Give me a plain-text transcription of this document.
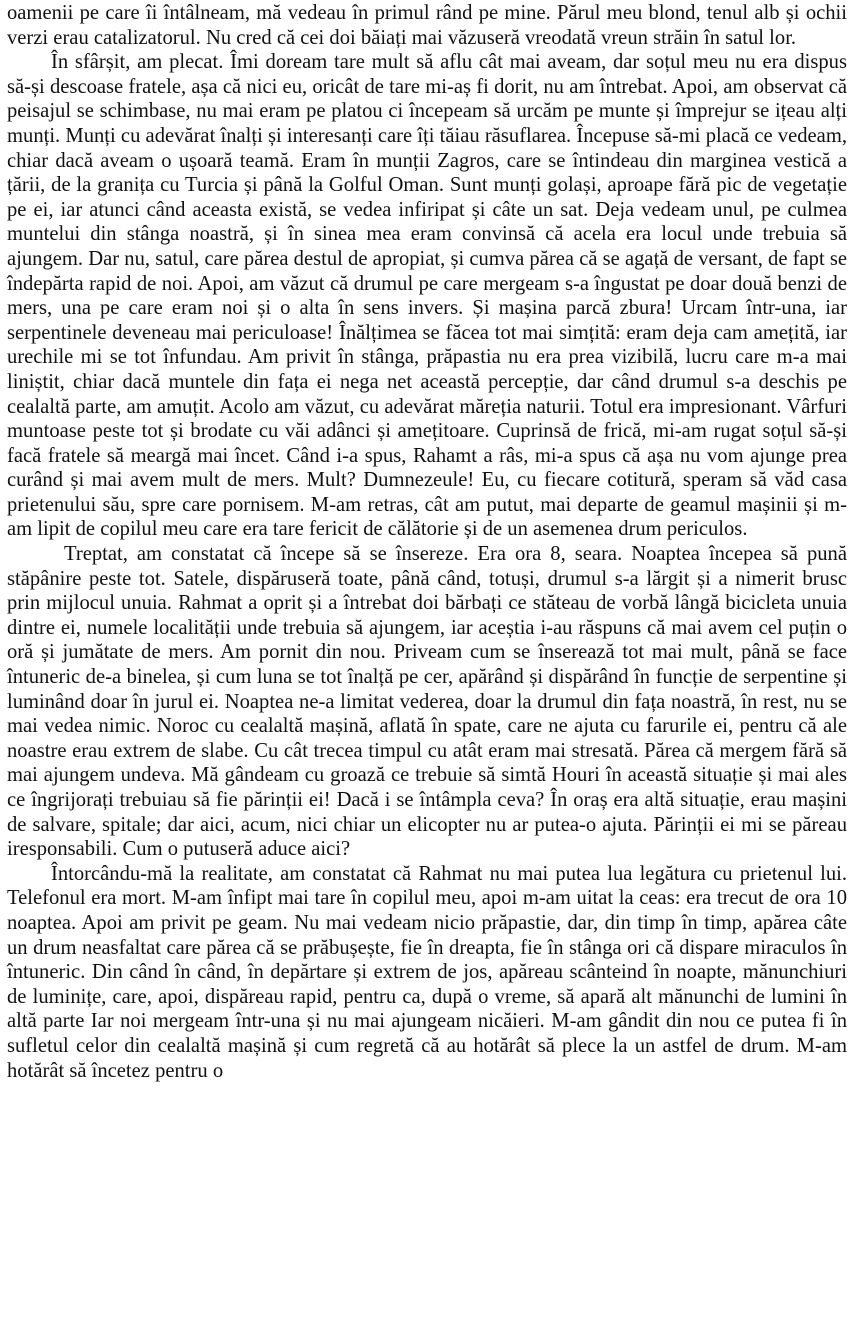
oamenii pe care îi întâlneam, mă vedeau în primul rând pe mine. Părul meu blond, tenul alb și ochii verzi erau catalizatorul. Nu cred că cei doi băiați mai văzuseră vreodată vreun străin în satul lor.

În sfârșit, am plecat. Îmi doream tare mult să aflu cât mai aveam, dar soțul meu nu era dispus să-și descoase fratele, așa că nici eu, oricât de tare mi-aș fi dorit, nu am întrebat. Apoi, am observat că peisajul se schimbase, nu mai eram pe platou ci începeam să urcăm pe munte și împrejur se ițeau alți munți. Munți cu adevărat înalți și interesanți care îți tăiau răsuflarea. Începuse să-mi placă ce vedeam, chiar dacă aveam o ușoară teamă. Eram în munții Zagros, care se întindeau din marginea vestică a țării, de la granița cu Turcia și până la Golful Oman. Sunt munți golași, aproape fără pic de vegetație pe ei, iar atunci când aceasta există, se vedea infiripat și câte un sat. Deja vedeam unul, pe culmea muntelui din stânga noastră, și în sinea mea eram convinsă că acela era locul unde trebuia să ajungem. Dar nu, satul, care părea destul de apropiat, și cumva părea că se agață de versant, de fapt se îndepărta rapid de noi. Apoi, am văzut că drumul pe care mergeam s-a îngustat pe doar două benzi de mers, una pe care eram noi și o alta în sens invers. Și mașina parcă zbura! Urcam într-una, iar serpentinele deveneau mai periculoase! Înălțimea se făcea tot mai simțită: eram deja cam amețită, iar urechile mi se tot înfundau. Am privit în stânga, prăpastia nu era prea vizibilă, lucru care m-a mai liniștit, chiar dacă muntele din fața ei nega net această percepție, dar când drumul s-a deschis pe cealaltă parte, am amuțit. Acolo am văzut, cu adevărat măreția naturii. Totul era impresionant. Vârfuri muntoase peste tot și brodate cu văi adânci și amețitoare. Cuprinsă de frică, mi-am rugat soțul să-și facă fratele să meargă mai încet. Când i-a spus, Rahamt a râs, mi-a spus că așa nu vom ajunge prea curând și mai avem mult de mers. Mult? Dumnezeule! Eu, cu fiecare cotitură, speram să văd casa prietenului său, spre care pornisem. M-am retras, cât am putut, mai departe de geamul mașinii și m-am lipit de copilul meu care era tare fericit de călătorie și de un asemenea drum periculos.

Treptat, am constatat că începe să se însereze. Era ora 8, seara. Noaptea începea să pună stăpânire peste tot. Satele, dispăruseră toate, până când, totuși, drumul s-a lărgit și a nimerit brusc prin mijlocul unuia. Rahmat a oprit și a întrebat doi bărbați ce stăteau de vorbă lângă bicicleta unuia dintre ei, numele localității unde trebuia să ajungem, iar aceștia i-au răspuns că mai avem cel puțin o oră și jumătate de mers. Am pornit din nou. Priveam cum se înserează tot mai mult, până se face întuneric de-a binelea, și cum luna se tot înalță pe cer, apărând și dispărând în funcție de serpentine și luminând doar în jurul ei. Noaptea ne-a limitat vederea, doar la drumul din fața noastră, în rest, nu se mai vedea nimic. Noroc cu cealaltă mașină, aflată în spate, care ne ajuta cu farurile ei, pentru că ale noastre erau extrem de slabe. Cu cât trecea timpul cu atât eram mai stresată. Părea că mergem fără să mai ajungem undeva. Mă gândeam cu groază ce trebuie să simtă Houri în această situație și mai ales ce îngrijorați trebuiau să fie părinții ei! Dacă i se întâmpla ceva? În oraș era altă situație, erau mașini de salvare, spitale; dar aici, acum, nici chiar un elicopter nu ar putea-o ajuta. Părinții ei mi se păreau iresponsabili. Cum o putuseră aduce aici?

Întorcându-mă la realitate, am constatat că Rahmat nu mai putea lua legătura cu prietenul lui. Telefonul era mort. M-am înfipt mai tare în copilul meu, apoi m-am uitat la ceas: era trecut de ora 10 noaptea. Apoi am privit pe geam. Nu mai vedeam nicio prăpastie, dar, din timp în timp, apărea câte un drum neasfaltat care părea că se prăbușește, fie în dreapta, fie în stânga ori că dispare miraculos în întuneric. Din când în când, în depărtare și extrem de jos, apăreau scânteind în noapte, mănunchiuri de luminițe, care, apoi, dispăreau rapid, pentru ca, după o vreme, să apară alt mănunchi de lumini în altă parte Iar noi mergeam într-una și nu mai ajungeam nicăieri. M-am gândit din nou ce putea fi în sufletul celor din cealaltă mașină și cum regretă că au hotărât să plece la un astfel de drum. M-am hotărât să încetez pentru o
